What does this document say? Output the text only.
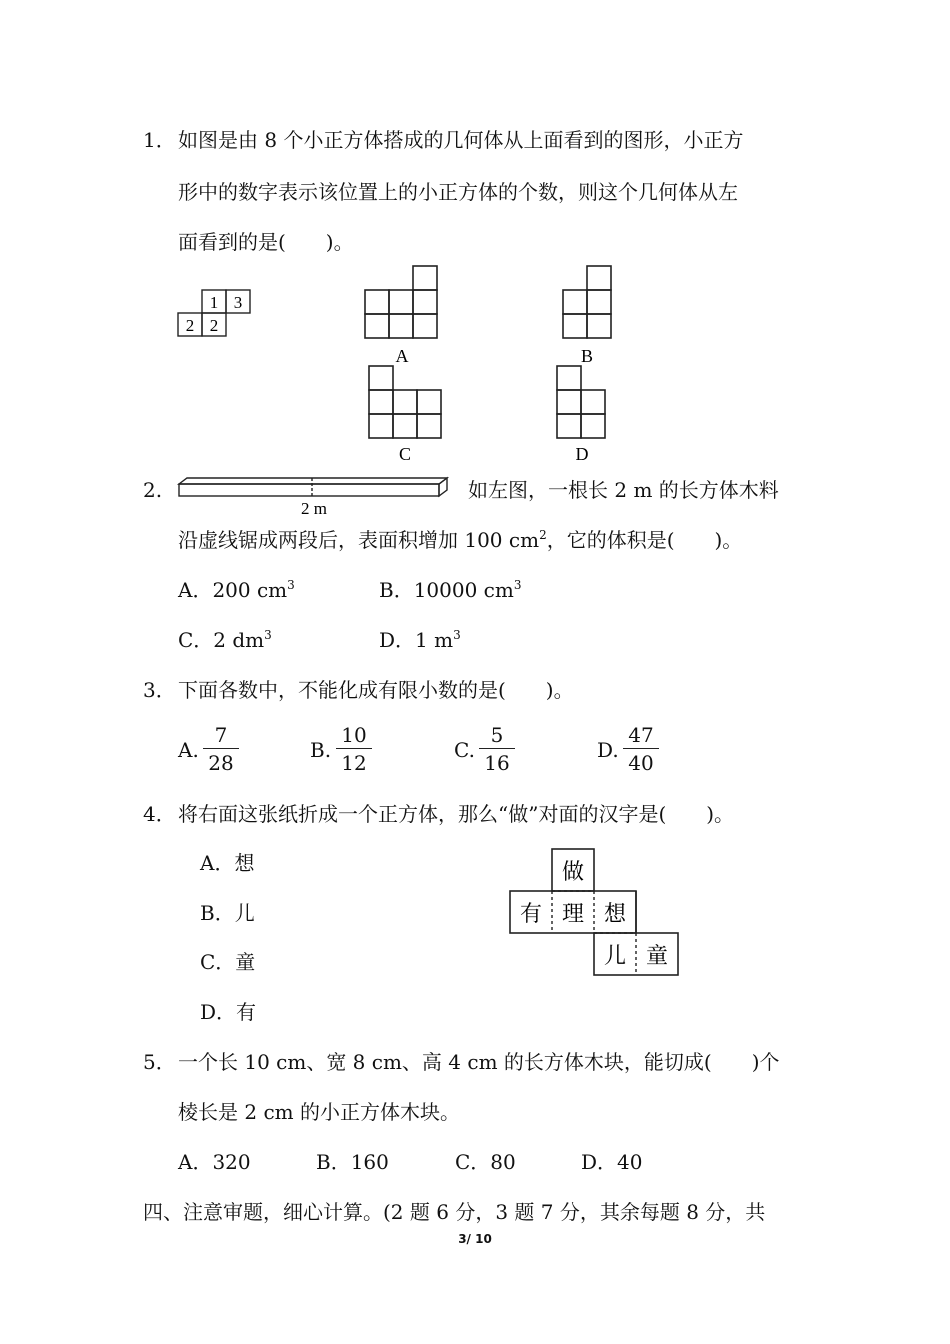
1． 如图是由 8 个小正方体搭成的几何体从上面看到的图形，小正方
形中的数字表示该位置上的小正方体的个数，则这个几何体从左
面看到的是(　　)。
1 3
2 2
A	B
C	D
2.
2 m
如左图，一根长 2 m 的长方体木料
沿虚线锯成两段后，表面积增加 100 $cm^2$，它的体积是(　　)。
A．200 $cm^3$	B．10000 $cm^3$
C．2 $dm^3$	D．1 $m^3$
3． 下面各数中，不能化成有限小数的是(　　)。
A. $\frac{7}{28}$	B. $\frac{10}{12}$	C. $\frac{5}{16}$	D. $\frac{47}{40}$
4． 将右面这张纸折成一个正方体，那么“做”对面的汉字是(　　)。
A．想
B．儿
C．童
D．有
做
有 理 想
儿 童
5． 一个长 10 cm、宽 8 cm、高 4 cm 的长方体木块，能切成(　　)个
棱长是 2 cm 的小正方体木块。
A．320	B．160	C．80	D．40
四、注意审题，细心计算。(2 题 6 分，3 题 7 分，其余每题 8 分，共
3/ 10
